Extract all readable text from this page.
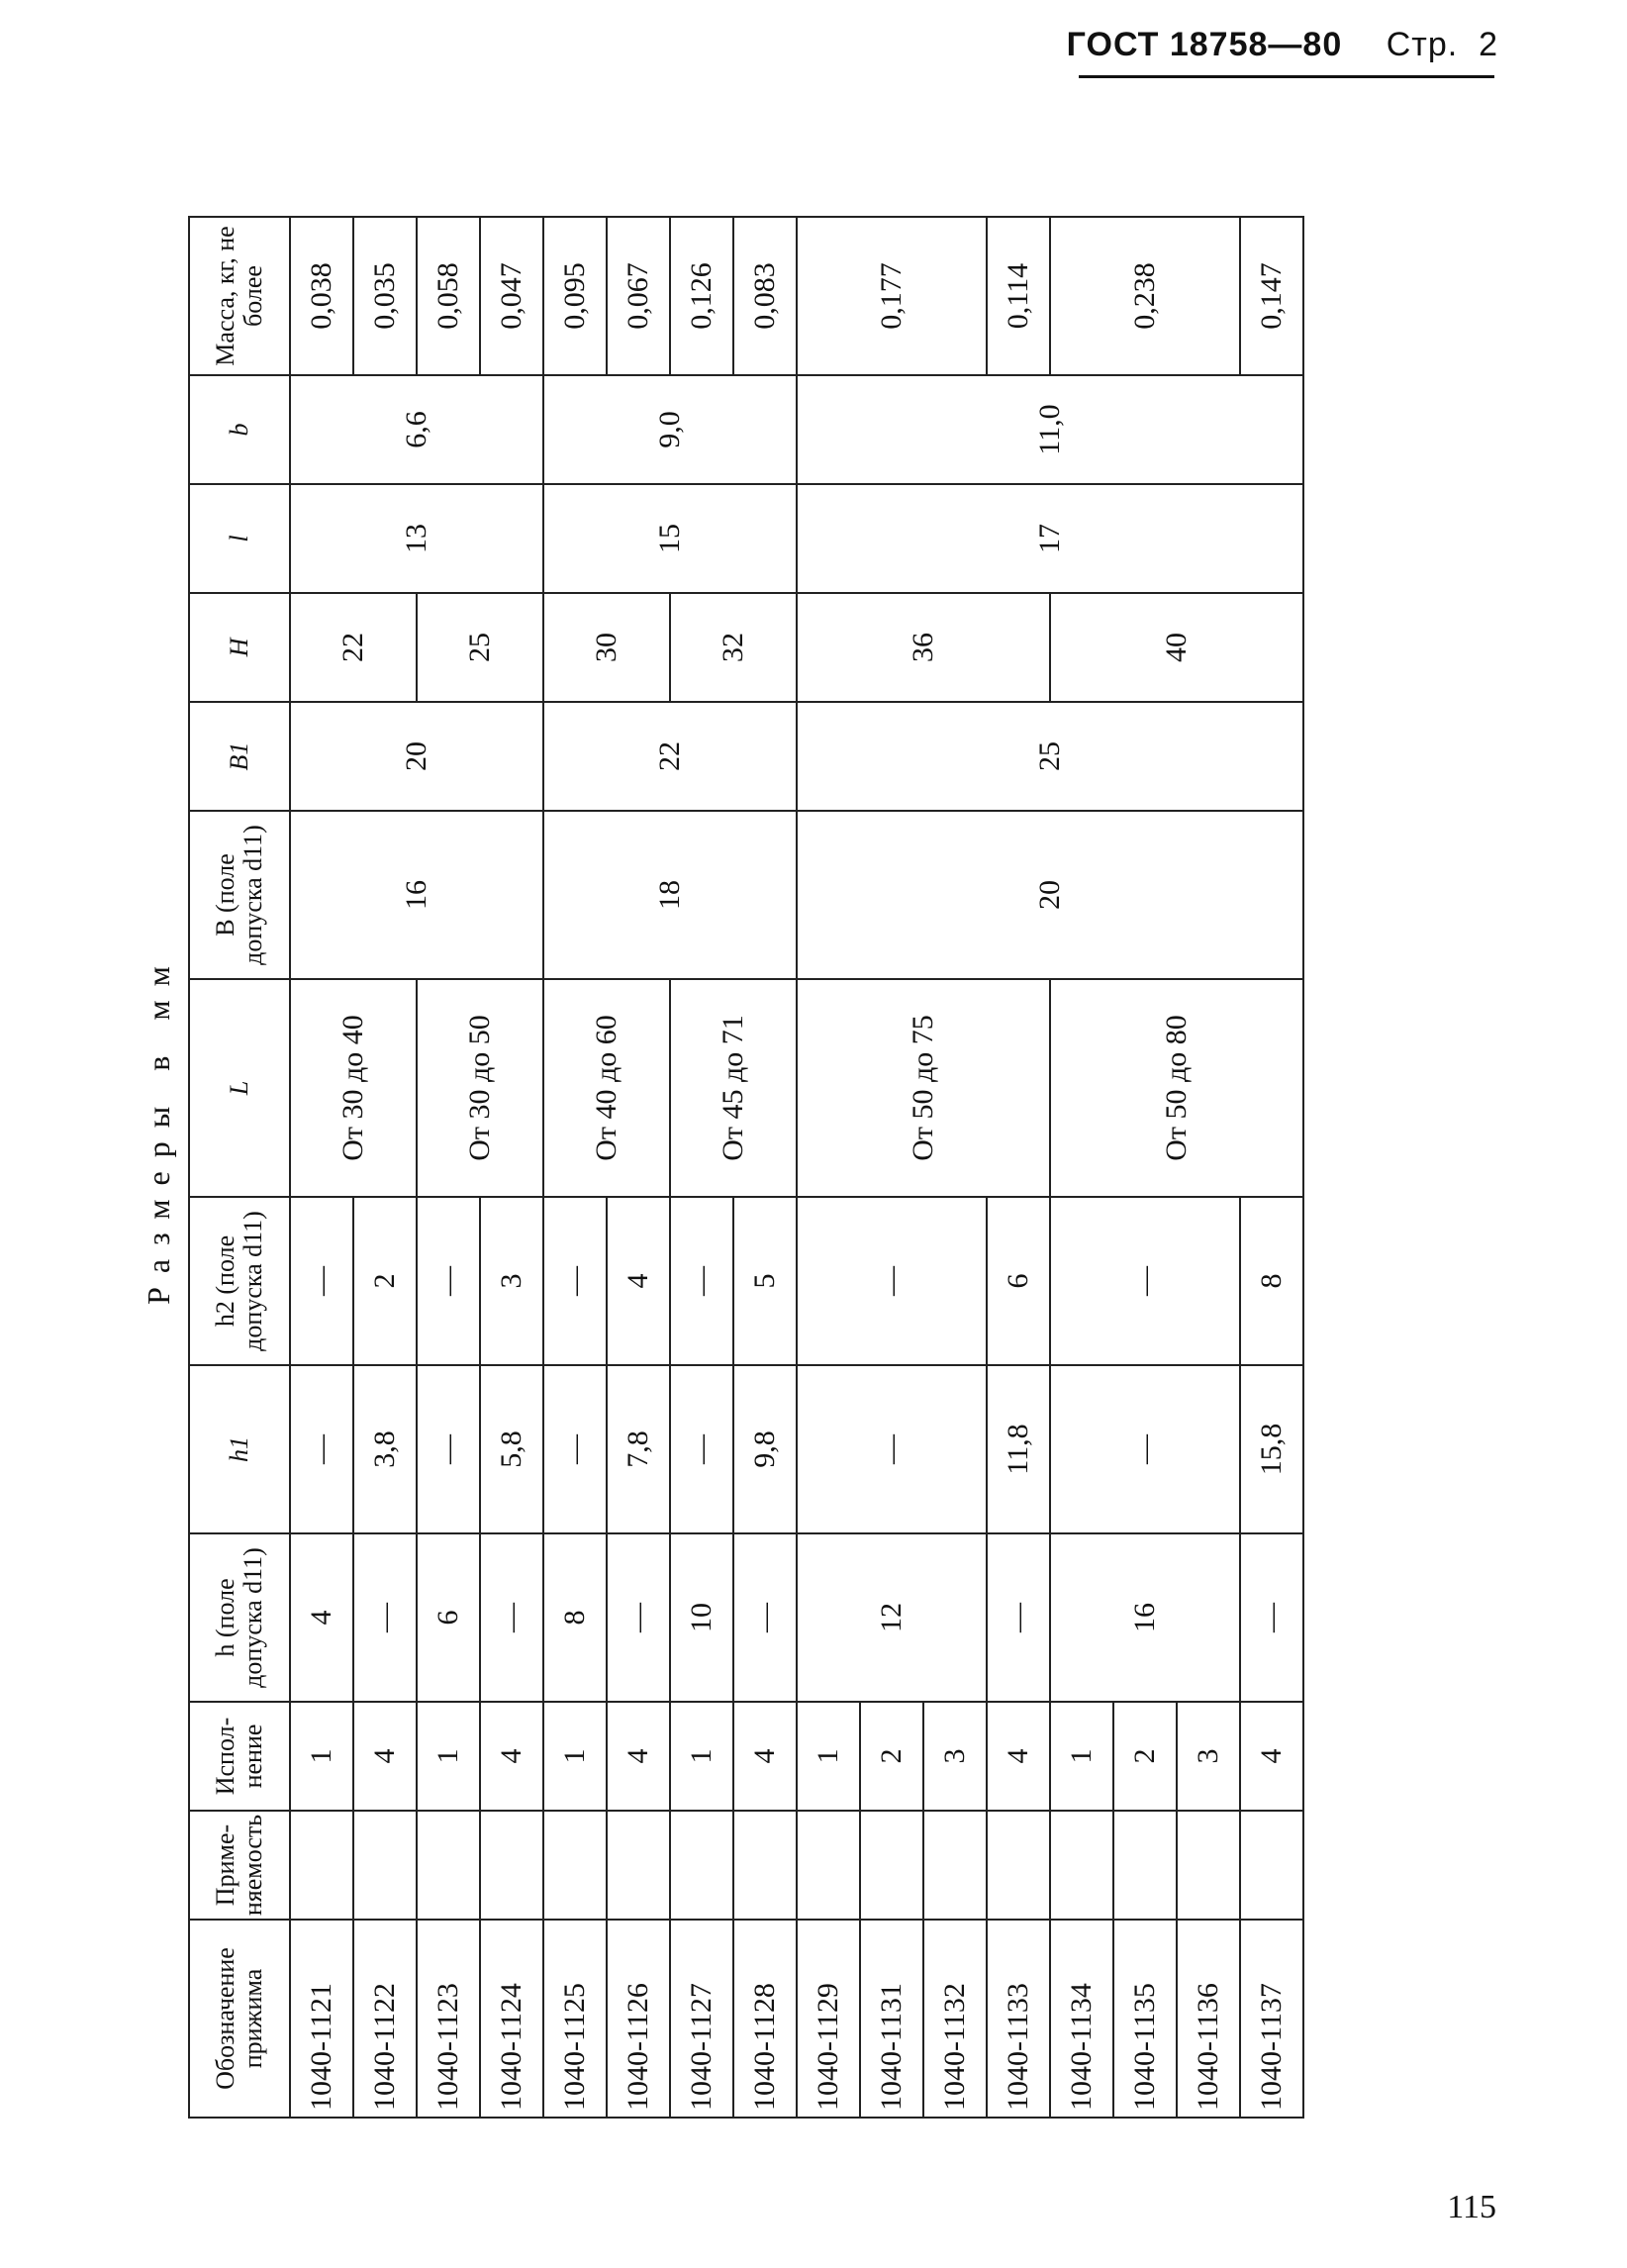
ГОСТ 18758—80 Стр. 2
Размеры в мм
Обозначение прижима	Применяемость	Исполнение	h (поле допуска d11)	h1	h2 (поле допуска d11)	L	B (поле допуска d11)	B1	H	l	b	Масса, кг, не более
1040-1121		1	4	—	—	От 30 до 40	16	20	22	13	6,6	0,038
1040-1122		4	—	3,8	2							0,035
1040-1123		1	6	—	—	От 30 до 50			25			0,058
1040-1124		4	—	5,8	3							0,047
1040-1125		1	8	—	—	От 40 до 60	18	22	30	15	9,0	0,095
1040-1126		4	—	7,8	4							0,067
1040-1127		1	10	—	—	От 45 до 71			32			0,126
1040-1128		4	—	9,8	5							0,083
1040-1129		1	12	—	—	От 50 до 75	20	25	36	17	11,0	0,177
1040-1131		2										
1040-1132		3										
1040-1133		4	—	11,8	6							0,114
1040-1134		1	16	—	—	От 50 до 80			40			0,238
1040-1135		2										
1040-1136		3										
1040-1137		4	—	15,8	8							0,147
115
